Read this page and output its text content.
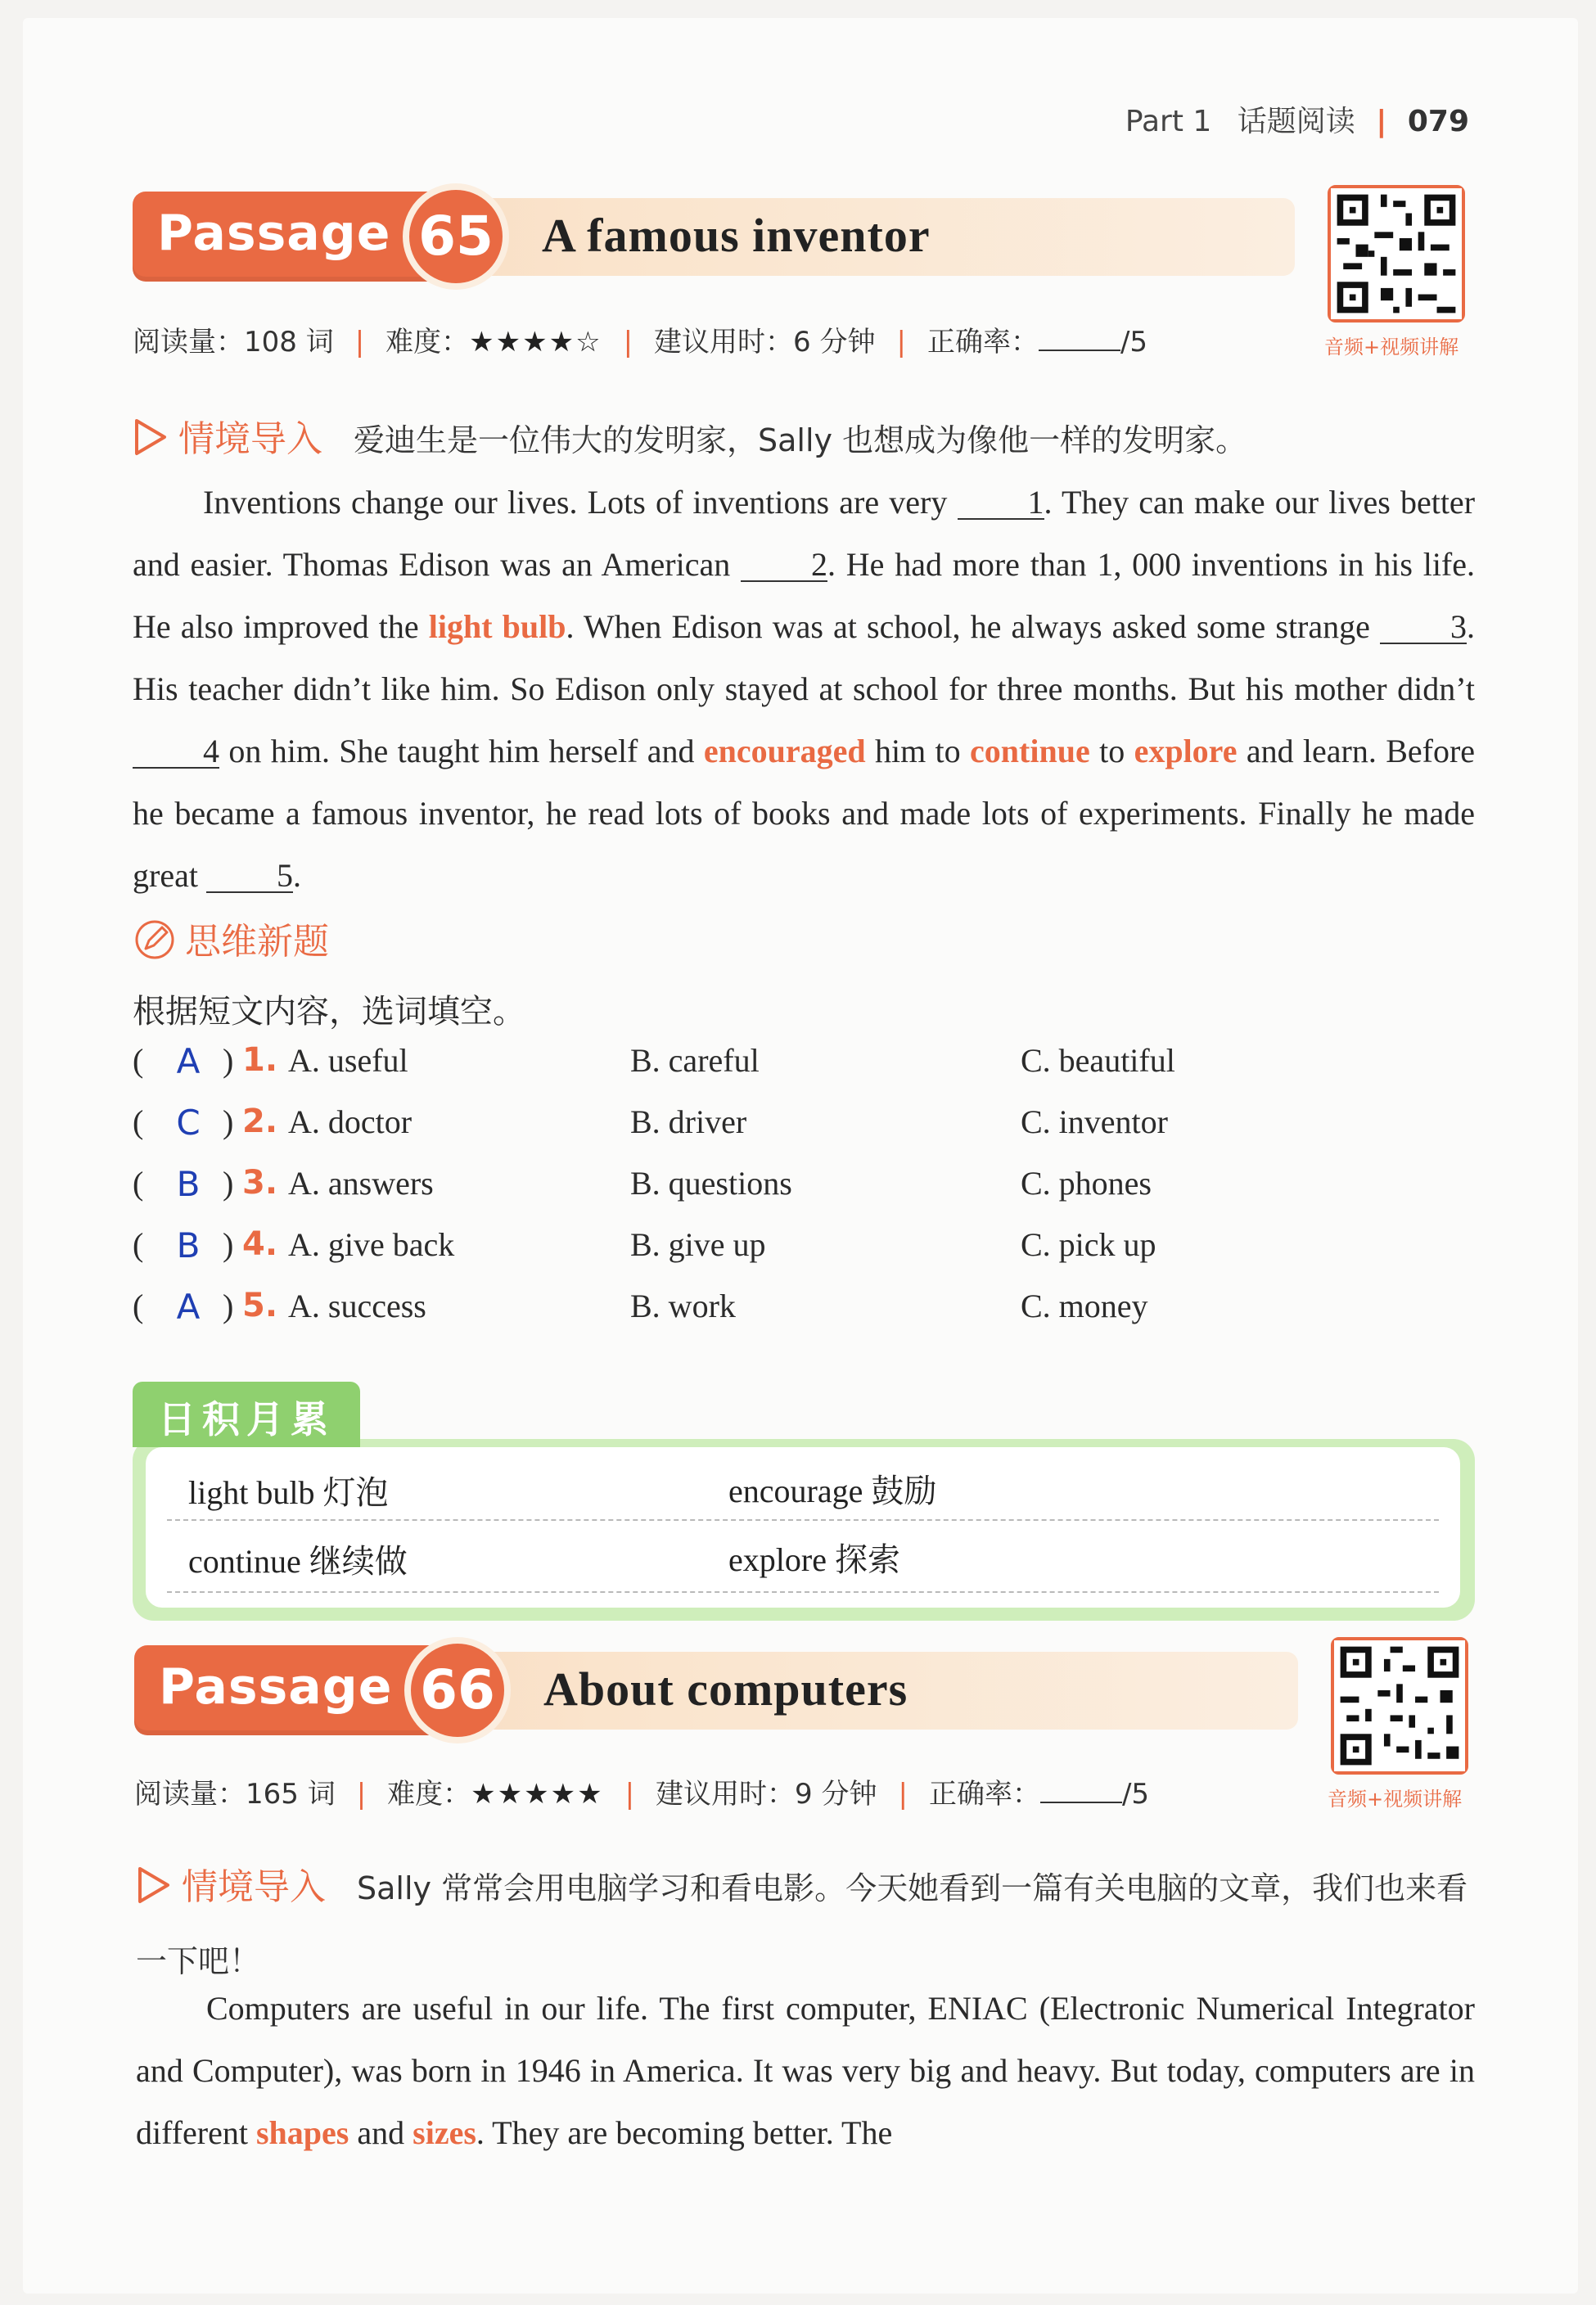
Part 1 话题阅读 | 079
Passage 65	A famous inventor
音频+视频讲解
阅读量：108 词 | 难度：★★★★☆ | 建议用时：6 分钟 | 正确率：	/5
情境导入 爱迪生是一位伟大的发明家，Sally 也想成为像他一样的发明家。

Inventions change our lives. Lots of inventions are very 1. They can make our lives better and easier. Thomas Edison was an American 2. He had more than 1, 000 inventions in his life. He also improved the light bulb. When Edison was at school, he always asked some strange 3. His teacher didn’t like him. So Edison only stayed at school for three months. But his mother didn’t 4 on him. She taught him herself and encouraged him to continue to explore and learn. Before he became a famous inventor, he read lots of books and made lots of experiments. Finally he made great 5.

思维新题
根据短文内容，选词填空。
( A ) 1. A. useful	B. careful	C. beautiful
( C ) 2. A. doctor	B. driver	C. inventor
( B ) 3. A. answers	B. questions	C. phones
( B ) 4. A. give back	B. give up	C. pick up
( A ) 5. A. success	B. work	C. money
日积月累
light bulb 灯泡	encourage 鼓励
continue 继续做	explore 探索
Passage 66	About computers
音频+视频讲解
阅读量：165 词 | 难度：★★★★★ | 建议用时：9 分钟 | 正确率：	/5
情境导入 Sally 常常会用电脑学习和看电影。今天她看到一篇有关电脑的文章，我们也来看一下吧！

Computers are useful in our life. The first computer, ENIAC (Electronic Numerical Integrator and Computer), was born in 1946 in America. It was very big and heavy. But today, computers are in different shapes and sizes. They are becoming better. The
